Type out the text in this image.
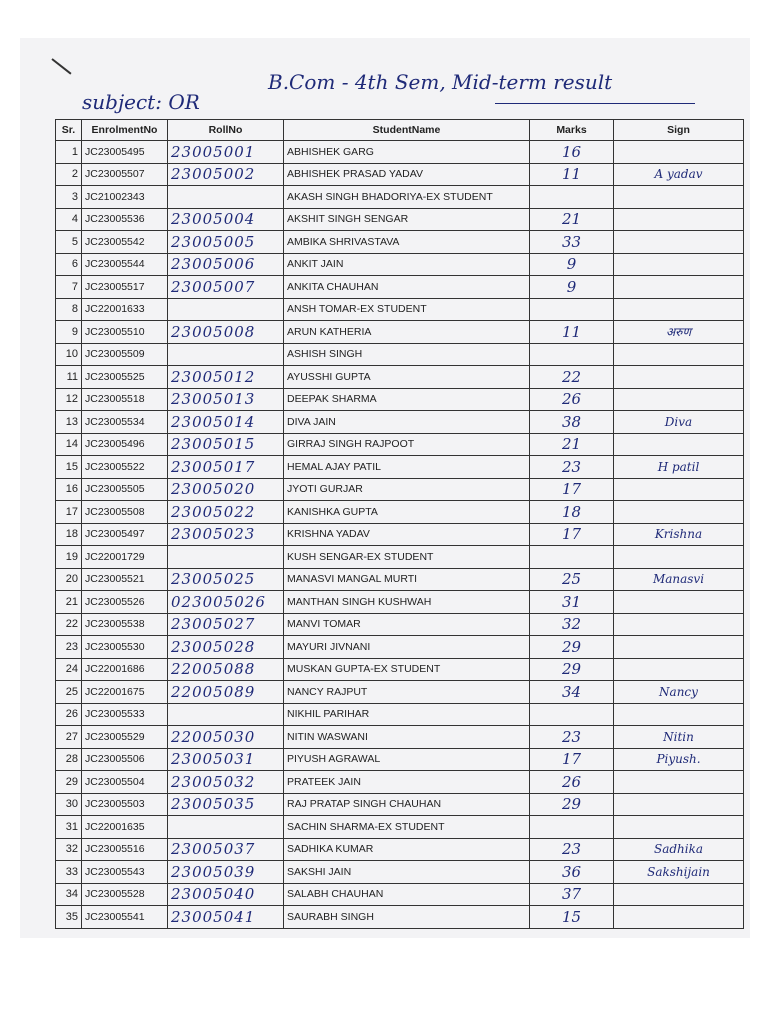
B.Com - 4th Sem, Mid-term result
subject: OR
Sr.	EnrolmentNo	RollNo	StudentName	Marks	Sign
1	JC23005495	23005001	ABHISHEK GARG	16	
2	JC23005507	23005002	ABHISHEK PRASAD YADAV	11	A yadav
3	JC21002343		AKASH SINGH BHADORIYA-EX STUDENT		
4	JC23005536	23005004	AKSHIT SINGH SENGAR	21	
5	JC23005542	23005005	AMBIKA SHRIVASTAVA	33	
6	JC23005544	23005006	ANKIT JAIN	9	
7	JC23005517	23005007	ANKITA CHAUHAN	9	
8	JC22001633		ANSH TOMAR-EX STUDENT		
9	JC23005510	23005008	ARUN KATHERIA	11	अरुण
10	JC23005509		ASHISH SINGH		
11	JC23005525	23005012	AYUSSHI GUPTA	22	
12	JC23005518	23005013	DEEPAK SHARMA	26	
13	JC23005534	23005014	DIVA JAIN	38	Diva
14	JC23005496	23005015	GIRRAJ SINGH RAJPOOT	21	
15	JC23005522	23005017	HEMAL AJAY PATIL	23	H patil
16	JC23005505	23005020	JYOTI GURJAR	17	
17	JC23005508	23005022	KANISHKA GUPTA	18	
18	JC23005497	23005023	KRISHNA YADAV	17	Krishna
19	JC22001729		KUSH SENGAR-EX STUDENT		
20	JC23005521	23005025	MANASVI MANGAL MURTI	25	Manasvi
21	JC23005526	023005026	MANTHAN SINGH KUSHWAH	31	
22	JC23005538	23005027	MANVI TOMAR	32	
23	JC23005530	23005028	MAYURI JIVNANI	29	
24	JC22001686	22005088	MUSKAN GUPTA-EX STUDENT	29	
25	JC22001675	22005089	NANCY RAJPUT	34	Nancy
26	JC23005533		NIKHIL PARIHAR		
27	JC23005529	22005030	NITIN WASWANI	23	Nitin
28	JC23005506	23005031	PIYUSH AGRAWAL	17	Piyush.
29	JC23005504	23005032	PRATEEK JAIN	26	
30	JC23005503	23005035	RAJ PRATAP SINGH CHAUHAN	29	
31	JC22001635		SACHIN SHARMA-EX STUDENT		
32	JC23005516	23005037	SADHIKA KUMAR	23	Sadhika
33	JC23005543	23005039	SAKSHI JAIN	36	Sakshijain
34	JC23005528	23005040	SALABH CHAUHAN	37	
35	JC23005541	23005041	SAURABH SINGH	15	
